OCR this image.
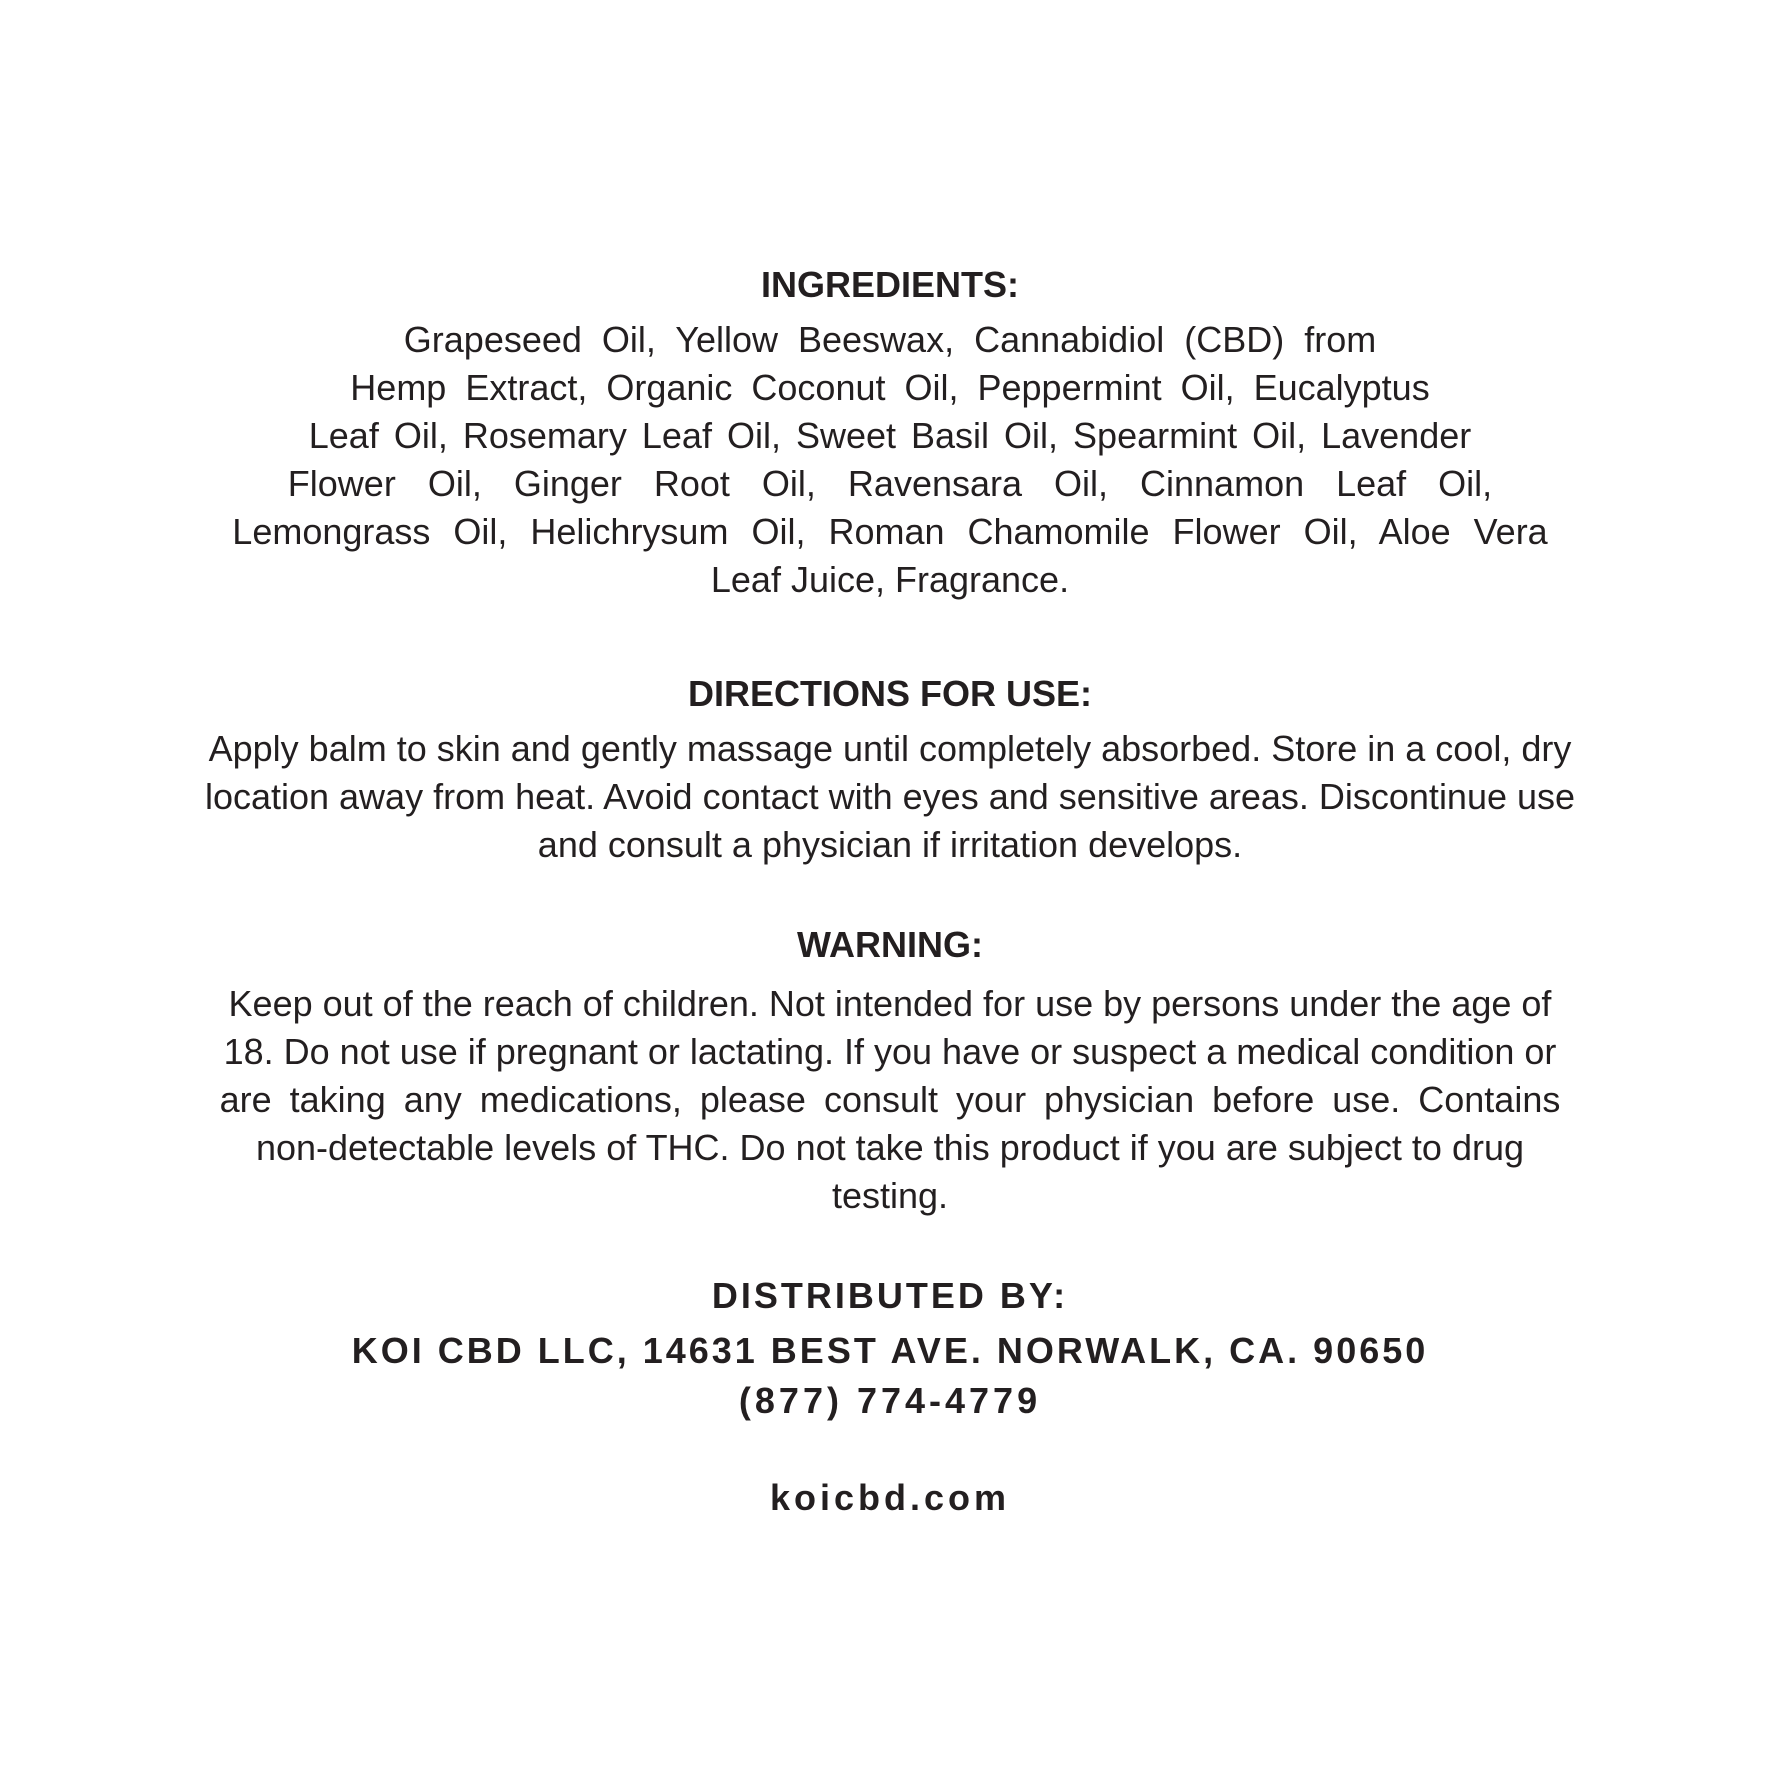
INGREDIENTS:
Grapeseed Oil, Yellow Beeswax, Cannabidiol (CBD) from
Hemp Extract, Organic Coconut Oil, Peppermint Oil, Eucalyptus
Leaf Oil, Rosemary Leaf Oil, Sweet Basil Oil, Spearmint Oil, Lavender
Flower Oil, Ginger Root Oil, Ravensara Oil, Cinnamon Leaf Oil,
Lemongrass Oil, Helichrysum Oil, Roman Chamomile Flower Oil, Aloe Vera
Leaf Juice, Fragrance.
DIRECTIONS FOR USE:
Apply balm to skin and gently massage until completely absorbed. Store in a cool, dry
location away from heat. Avoid contact with eyes and sensitive areas. Discontinue use
and consult a physician if irritation develops.
WARNING:
Keep out of the reach of children. Not intended for use by persons under the age of
18. Do not use if pregnant or lactating. If you have or suspect a medical condition or
are taking any medications, please consult your physician before use. Contains
non-detectable levels of THC. Do not take this product if you are subject to drug
testing.
DISTRIBUTED BY:
KOI CBD LLC, 14631 BEST AVE. NORWALK, CA. 90650
(877) 774-4779
koicbd.com
